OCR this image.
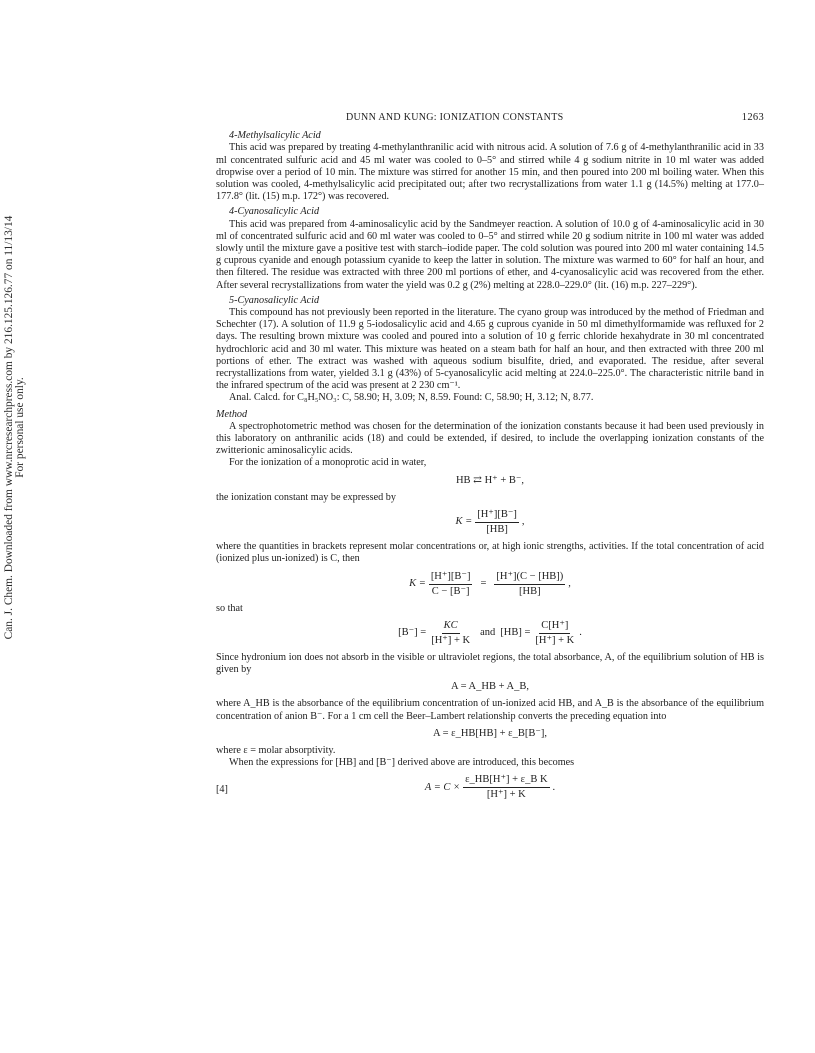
Can. J. Chem. Downloaded from www.nrcresearchpress.com by 216.125.126.77 on 11/13/14 For personal use only.
DUNN AND KUNG: IONIZATION CONSTANTS	1263
4-Methylsalicylic Acid

This acid was prepared by treating 4-methylanthranilic acid with nitrous acid. A solution of 7.6 g of 4-methylanthranilic acid in 33 ml concentrated sulfuric acid and 45 ml water was cooled to 0–5° and stirred while 4 g sodium nitrite in 10 ml water was added dropwise over a period of 10 min. The mixture was stirred for another 15 min, and then poured into 200 ml boiling water. When this solution was cooled, 4-methylsalicylic acid precipitated out; after two recrystallizations from water 1.1 g (14.5%) melting at 177.0–177.8° (lit. (15) m.p. 172°) was recovered.

4-Cyanosalicylic Acid

This acid was prepared from 4-aminosalicylic acid by the Sandmeyer reaction. A solution of 10.0 g of 4-aminosalicylic acid in 30 ml of concentrated sulfuric acid and 60 ml water was cooled to 0–5° and stirred while 20 g sodium nitrite in 100 ml water was added slowly until the mixture gave a positive test with starch–iodide paper. The cold solution was poured into 200 ml water containing 14.5 g cuprous cyanide and enough potassium cyanide to keep the latter in solution. The mixture was warmed to 60° for half an hour, and then filtered. The residue was extracted with three 200 ml portions of ether, and 4-cyanosalicylic acid was recovered from the ether. After several recrystallizations from water the yield was 0.2 g (2%) melting at 228.0–229.0° (lit. (16) m.p. 227–229°).

5-Cyanosalicylic Acid

This compound has not previously been reported in the literature. The cyano group was introduced by the method of Friedman and Schechter (17). A solution of 11.9 g 5-iodosalicylic acid and 4.65 g cuprous cyanide in 50 ml dimethylformamide was refluxed for 2 days. The resulting brown mixture was cooled and poured into a solution of 10 g ferric chloride hexahydrate in 30 ml concentrated hydrochloric acid and 30 ml water. This mixture was heated on a steam bath for half an hour, and then extracted with three 200 ml portions of ether. The extract was washed with aqueous sodium bisulfite, dried, and evaporated. The residue, after several recrystallizations from water, yielded 3.1 g (43%) of 5-cyanosalicylic acid melting at 224.0–225.0°. The characteristic nitrile band in the infrared spectrum of the acid was present at 2 230 cm⁻¹.

Anal. Calcd. for C₈H₅NO₃: C, 58.90; H, 3.09; N, 8.59. Found: C, 58.90; H, 3.12; N, 8.77.

Method

A spectrophotometric method was chosen for the determination of the ionization constants because it had been used previously in this laboratory on anthranilic acids (18) and could be extended, if desired, to include the overlapping ionization constants of the zwitterionic aminosalicylic acids.

For the ionization of a monoprotic acid in water,

HB ⇄ H⁺ + B⁻,

the ionization constant may be expressed by

$K = \frac{[H^+][B^-]}{[HB]}$ ,

where the quantities in brackets represent molar concentrations or, at high ionic strengths, activities. If the total concentration of acid (ionized plus un-ionized) is C, then

$K = \frac{[H^+][B^-]}{C - [B^-]} = \frac{[H^+](C - [HB])}{[HB]}$ ,

so that

$[B^-] = \frac{KC}{[H^+] + K}$ and $[HB] = \frac{C[H^+]}{[H^+] + K}$ .

Since hydronium ion does not absorb in the visible or ultraviolet regions, the total absorbance, A, of the equilibrium solution of HB is given by

A = A_HB + A_B,

where A_HB is the absorbance of the equilibrium concentration of un-ionized acid HB, and A_B is the absorbance of the equilibrium concentration of anion B⁻. For a 1 cm cell the Beer–Lambert relationship converts the preceding equation into

A = ε_HB[HB] + ε_B[B⁻],

where ε = molar absorptivity.

When the expressions for [HB] and [B⁻] derived above are introduced, this becomes

[4]	$A = C \times \frac{\text{ε\_HB[H⁺] + ε\_B K}}{[H^+] + K}$ .
